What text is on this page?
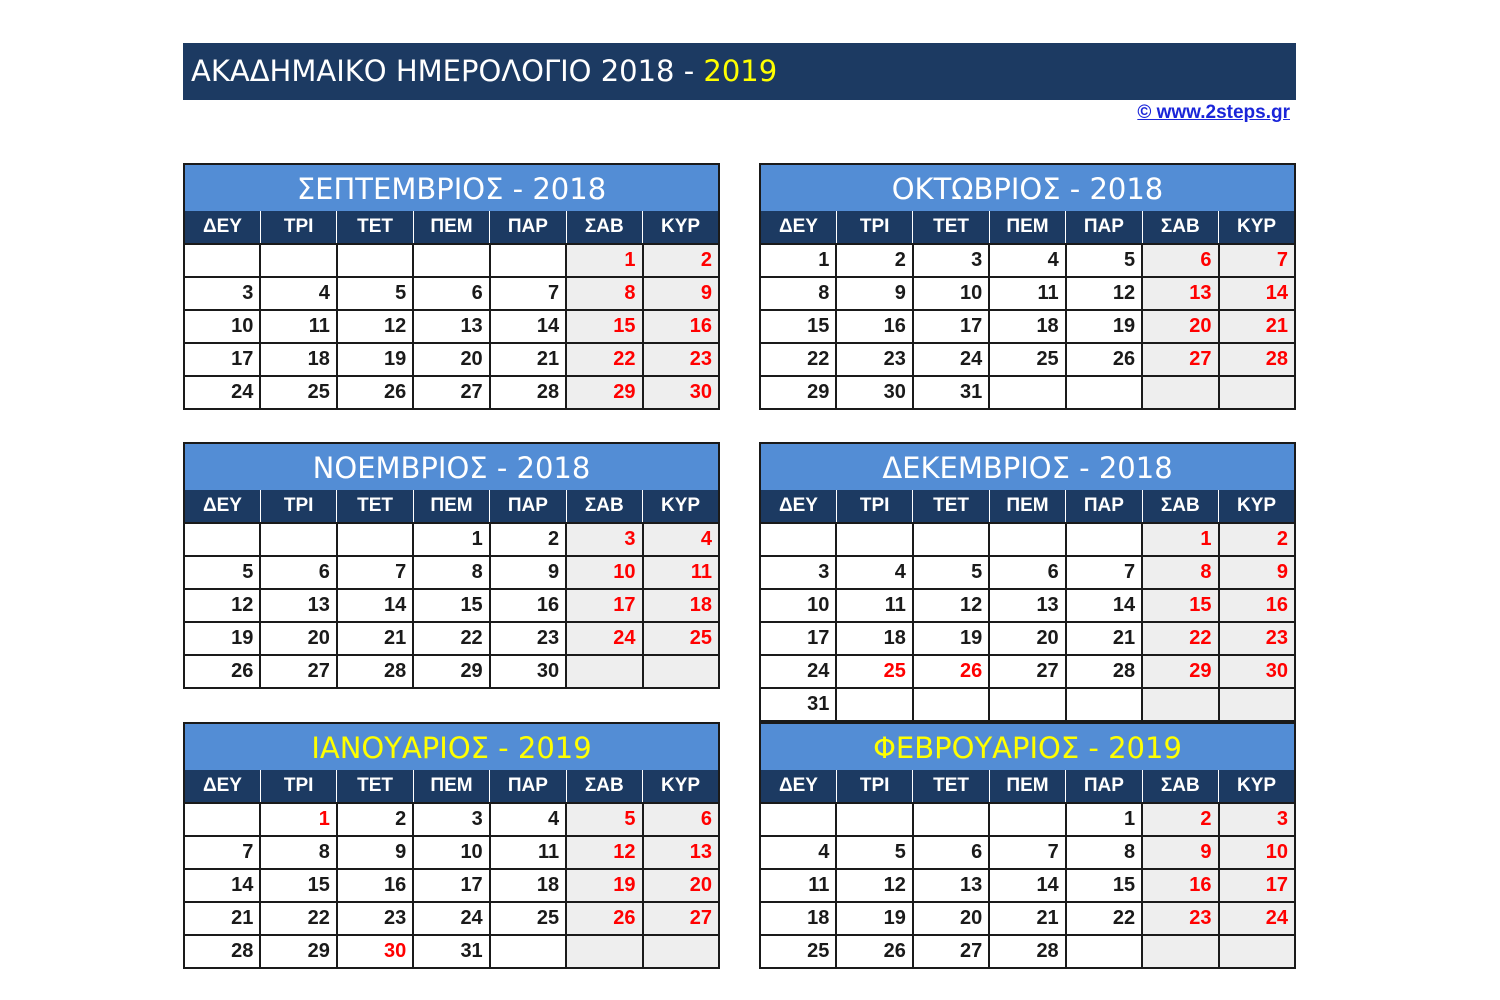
ΑΚΑΔΗΜΑΙΚΟ ΗΜΕΡΟΛΟΓΙΟ 2018 - 2019
© www.2steps.gr
ΣΕΠΤΕΜΒΡΙΟΣ - 2018
ΔΕΥ	ΤΡΙ	ΤΕΤ	ΠΕΜ	ΠΑΡ	ΣΑΒ	ΚΥΡ
					1	2
3	4	5	6	7	8	9
10	11	12	13	14	15	16
17	18	19	20	21	22	23
24	25	26	27	28	29	30
ΟΚΤΩΒΡΙΟΣ - 2018
ΔΕΥ	ΤΡΙ	ΤΕΤ	ΠΕΜ	ΠΑΡ	ΣΑΒ	ΚΥΡ
1	2	3	4	5	6	7
8	9	10	11	12	13	14
15	16	17	18	19	20	21
22	23	24	25	26	27	28
29	30	31				
ΝΟΕΜΒΡΙΟΣ - 2018
ΔΕΥ	ΤΡΙ	ΤΕΤ	ΠΕΜ	ΠΑΡ	ΣΑΒ	ΚΥΡ
			1	2	3	4
5	6	7	8	9	10	11
12	13	14	15	16	17	18
19	20	21	22	23	24	25
26	27	28	29	30		
ΔΕΚΕΜΒΡΙΟΣ - 2018
ΔΕΥ	ΤΡΙ	ΤΕΤ	ΠΕΜ	ΠΑΡ	ΣΑΒ	ΚΥΡ
					1	2
3	4	5	6	7	8	9
10	11	12	13	14	15	16
17	18	19	20	21	22	23
24	25	26	27	28	29	30
31						
ΙΑΝΟΥΑΡΙΟΣ - 2019
ΔΕΥ	ΤΡΙ	ΤΕΤ	ΠΕΜ	ΠΑΡ	ΣΑΒ	ΚΥΡ
	1	2	3	4	5	6
7	8	9	10	11	12	13
14	15	16	17	18	19	20
21	22	23	24	25	26	27
28	29	30	31			
ΦΕΒΡΟΥΑΡΙΟΣ - 2019
ΔΕΥ	ΤΡΙ	ΤΕΤ	ΠΕΜ	ΠΑΡ	ΣΑΒ	ΚΥΡ
				1	2	3
4	5	6	7	8	9	10
11	12	13	14	15	16	17
18	19	20	21	22	23	24
25	26	27	28			
